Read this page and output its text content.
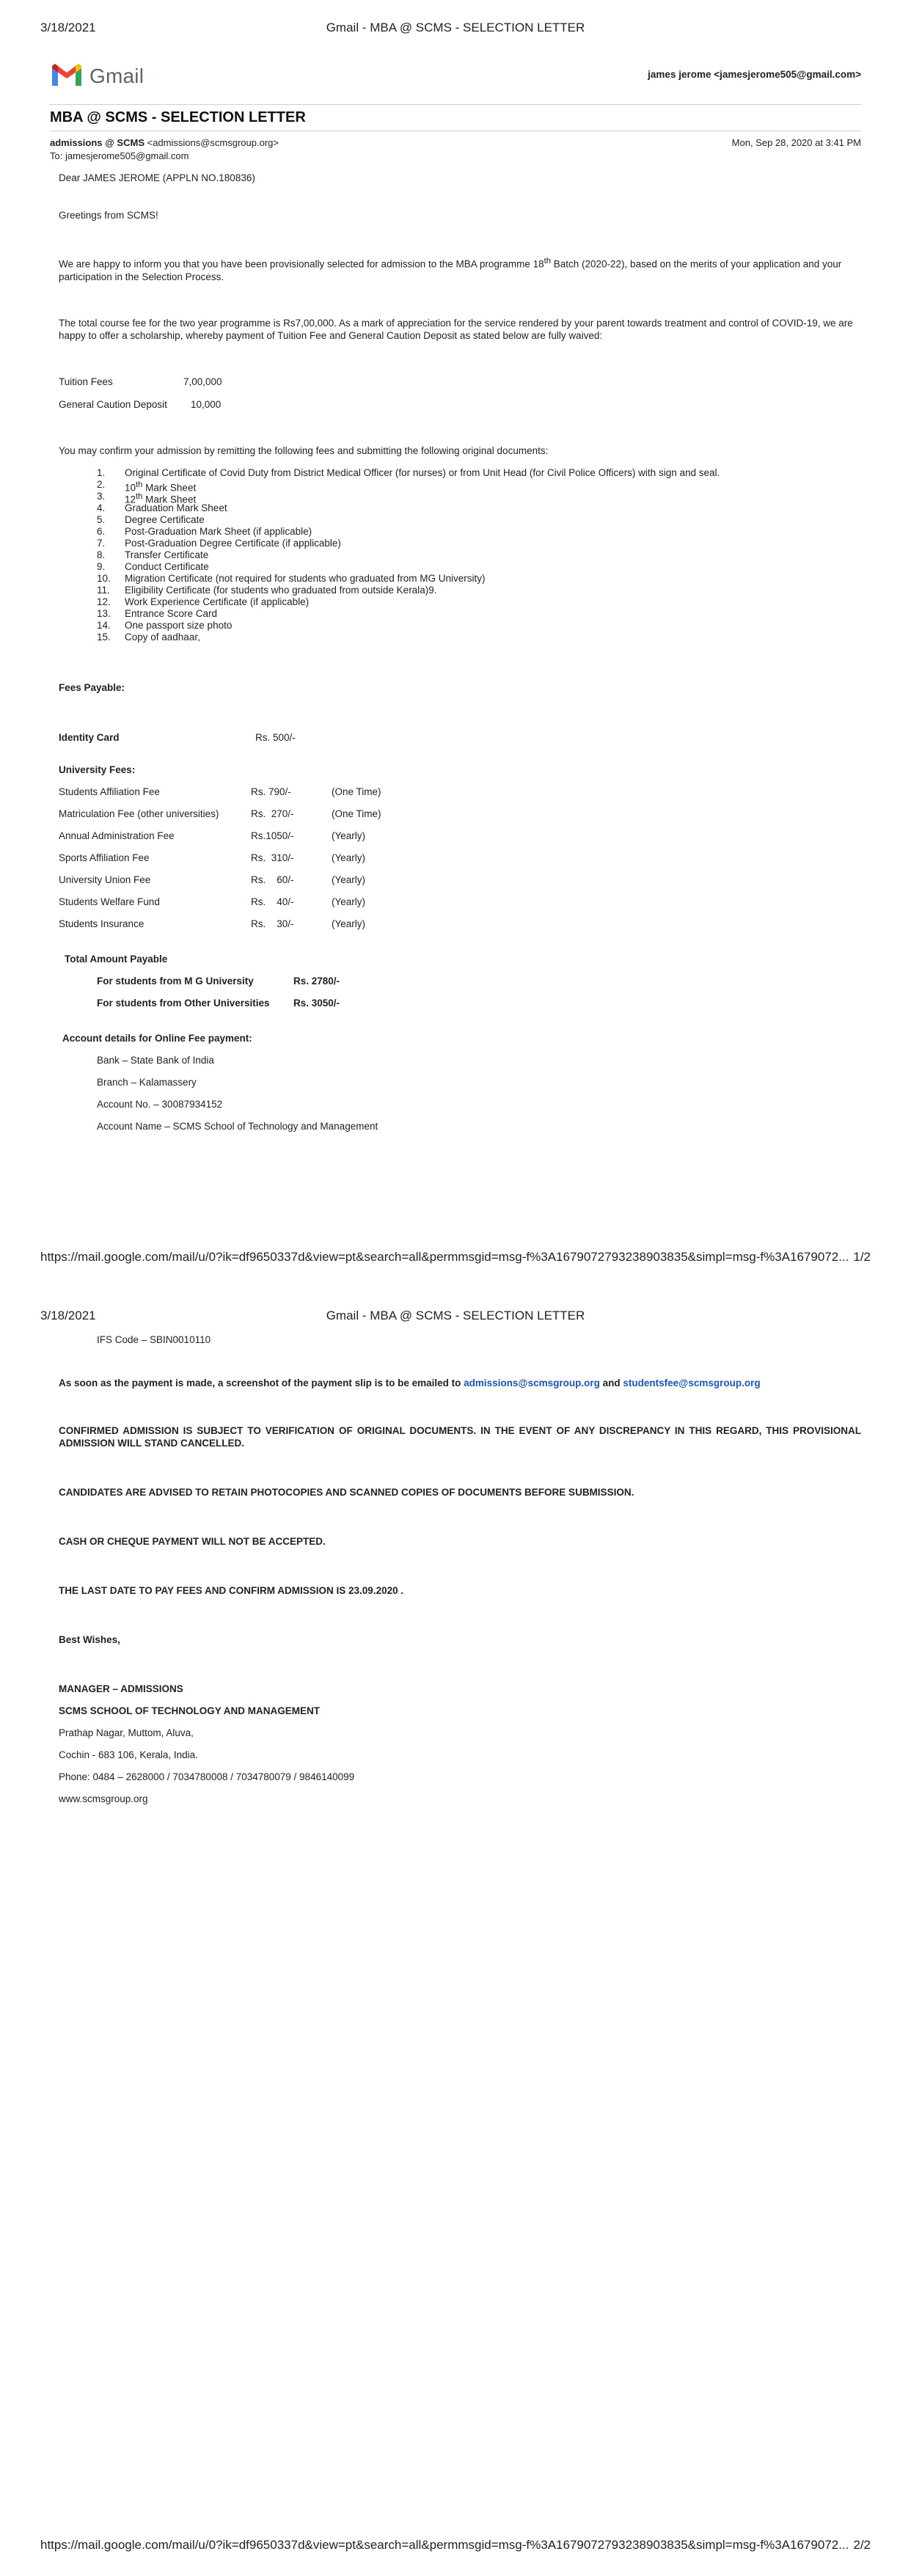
3/18/2021	Gmail - MBA @ SCMS - SELECTION LETTER
Gmail	james jerome <jamesjerome505@gmail.com>
MBA @ SCMS - SELECTION LETTER
admissions @ SCMS <admissions@scmsgroup.org>	Mon, Sep 28, 2020 at 3:41 PM
To: jamesjerome505@gmail.com

Dear JAMES JEROME (APPLN NO.180836)

Greetings from SCMS!

We are happy to inform you that you have been provisionally selected for admission to the MBA programme 18th Batch (2020-22), based on the merits of your application and your participation in the Selection Process.

The total course fee for the two year programme is Rs7,00,000. As a mark of appreciation for the service rendered by your parent towards treatment and control of COVID-19, we are happy to offer a scholarship, whereby payment of Tuition Fee and General Caution Deposit as stated below are fully waived:

Tuition Fees	7,00,000
General Caution Deposit 10,000

You may confirm your admission by remitting the following fees and submitting the following original documents:

1. Original Certificate of Covid Duty from District Medical Officer (for nurses) or from Unit Head (for Civil Police Officers) with sign and seal.
2. 10th Mark Sheet
3. 12th Mark Sheet
4. Graduation Mark Sheet
5. Degree Certificate
6. Post-Graduation Mark Sheet (if applicable)
7. Post-Graduation Degree Certificate (if applicable)
8. Transfer Certificate
9. Conduct Certificate
10. Migration Certificate (not required for students who graduated from MG University)
11. Eligibility Certificate (for students who graduated from outside Kerala)9.
12. Work Experience Certificate (if applicable)
13. Entrance Score Card
14. One passport size photo
15. Copy of aadhaar,
Fees Payable:
Identity Card	Rs. 500/-
University Fees:
Students Affiliation Fee	Rs. 790/-	(One Time)
Matriculation Fee (other universities)	Rs.  270/-	(One Time)
Annual Administration Fee	Rs.1050/-	(Yearly)
Sports Affiliation Fee	Rs.  310/-	(Yearly)
University Union Fee	Rs.    60/-	(Yearly)
Students Welfare Fund	Rs.    40/-	(Yearly)
Students Insurance	Rs.    30/-	(Yearly)
Total Amount Payable
For students from M G University	Rs. 2780/-
For students from Other Universities Rs. 3050/-
Account details for Online Fee payment:
Bank – State Bank of India
Branch – Kalamassery
Account No. – 30087934152
Account Name – SCMS School of Technology and Management
https://mail.google.com/mail/u/0?ik=df9650337d&view=pt&search=all&permmsgid=msg-f%3A1679072793238903835&simpl=msg-f%3A1679072... 1/2
3/18/2021	Gmail - MBA @ SCMS - SELECTION LETTER

IFS Code – SBIN0010110

As soon as the payment is made, a screenshot of the payment slip is to be emailed to admissions@scmsgroup.org and studentsfee@scmsgroup.org

CONFIRMED ADMISSION IS SUBJECT TO VERIFICATION OF ORIGINAL DOCUMENTS. IN THE EVENT OF ANY DISCREPANCY IN THIS REGARD, THIS PROVISIONAL ADMISSION WILL STAND CANCELLED.

CANDIDATES ARE ADVISED TO RETAIN PHOTOCOPIES AND SCANNED COPIES OF DOCUMENTS BEFORE SUBMISSION.

CASH OR CHEQUE PAYMENT WILL NOT BE ACCEPTED.

THE LAST DATE TO PAY FEES AND CONFIRM ADMISSION IS 23.09.2020 .

Best Wishes,

MANAGER – ADMISSIONS

SCMS SCHOOL OF TECHNOLOGY AND MANAGEMENT

Prathap Nagar, Muttom, Aluva,

Cochin - 683 106, Kerala, India.

Phone: 0484 – 2628000 / 7034780008 / 7034780079 / 9846140099

www.scmsgroup.org

https://mail.google.com/mail/u/0?ik=df9650337d&view=pt&search=all&permmsgid=msg-f%3A1679072793238903835&simpl=msg-f%3A1679072... 2/2
